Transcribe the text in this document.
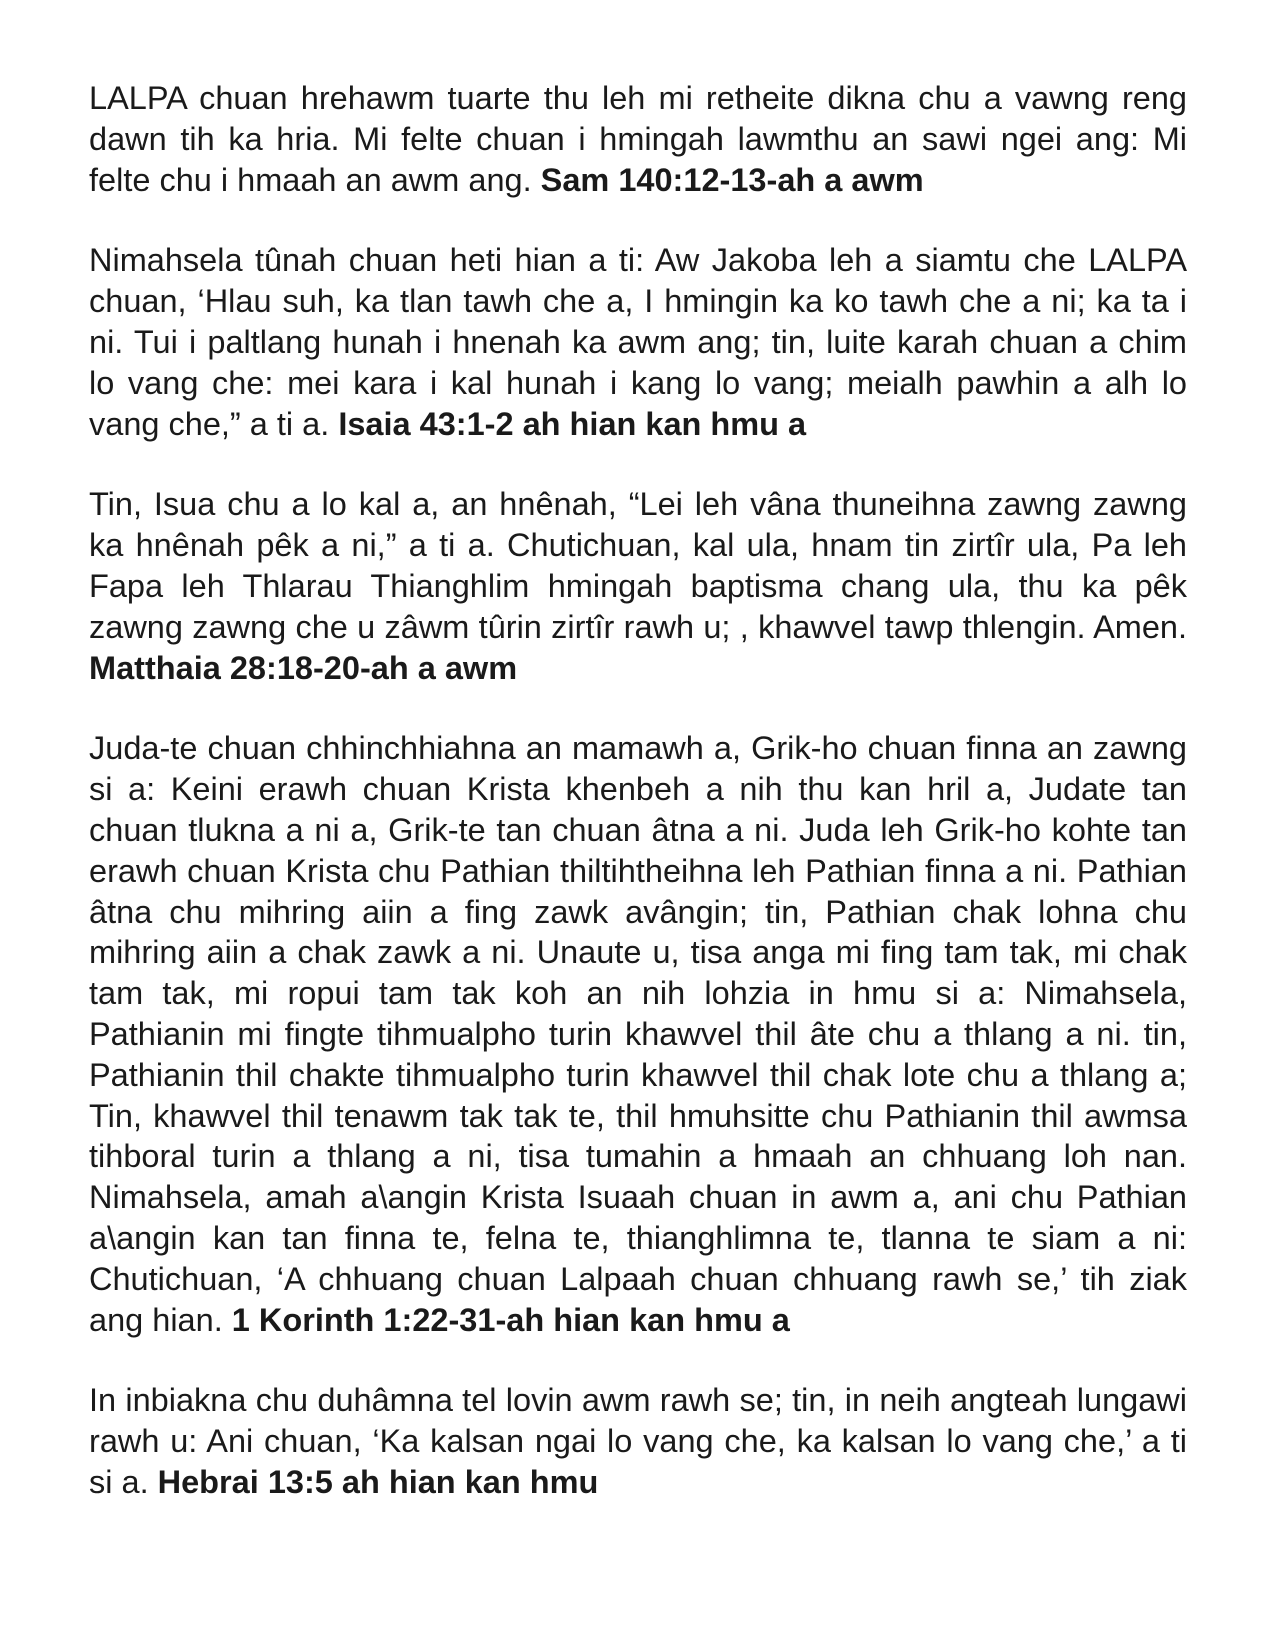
LALPA chuan hrehawm tuarte thu leh mi retheite dikna chu a vawng reng dawn tih ka hria. Mi felte chuan i hmingah lawmthu an sawi ngei ang: Mi felte chu i hmaah an awm ang. Sam 140:12-13-ah a awm

Nimahsela tûnah chuan heti hian a ti: Aw Jakoba leh a siamtu che LALPA chuan, ‘Hlau suh, ka tlan tawh che a, I hmingin ka ko tawh che a ni; ka ta i ni. Tui i paltlang hunah i hnenah ka awm ang; tin, luite karah chuan a chim lo vang che: mei kara i kal hunah i kang lo vang; meialh pawhin a alh lo vang che,” a ti a. Isaia 43:1-2 ah hian kan hmu a

Tin, Isua chu a lo kal a, an hnênah, “Lei leh vâna thuneihna zawng zawng ka hnênah pêk a ni,” a ti a. Chutichuan, kal ula, hnam tin zirtîr ula, Pa leh Fapa leh Thlarau Thianghlim hmingah baptisma chang ula, thu ka pêk zawng zawng che u zâwm tûrin zirtîr rawh u; , khawvel tawp thlengin. Amen. Matthaia 28:18-20-ah a awm

Juda-te chuan chhinchhiahna an mamawh a, Grik-ho chuan finna an zawng si a: Keini erawh chuan Krista khenbeh a nih thu kan hril a, Judate tan chuan tlukna a ni a, Grik-te tan chuan âtna a ni. Juda leh Grik-ho kohte tan erawh chuan Krista chu Pathian thiltihtheihna leh Pathian finna a ni. Pathian âtna chu mihring aiin a fing zawk avângin; tin, Pathian chak lohna chu mihring aiin a chak zawk a ni. Unaute u, tisa anga mi fing tam tak, mi chak tam tak, mi ropui tam tak koh an nih lohzia in hmu si a: Nimahsela, Pathianin mi fingte tihmualpho turin khawvel thil âte chu a thlang a ni. tin, Pathianin thil chakte tihmualpho turin khawvel thil chak lote chu a thlang a; Tin, khawvel thil tenawm tak tak te, thil hmuhsitte chu Pathianin thil awmsa tihboral turin a thlang a ni, tisa tumahin a hmaah an chhuang loh nan. Nimahsela, amah a\angin Krista Isuaah chuan in awm a, ani chu Pathian a\angin kan tan finna te, felna te, thianghlimna te, tlanna te siam a ni: Chutichuan, ‘A chhuang chuan Lalpaah chuan chhuang rawh se,’ tih ziak ang hian. 1 Korinth 1:22-31-ah hian kan hmu a

In inbiakna chu duhâmna tel lovin awm rawh se; tin, in neih angteah lungawi rawh u: Ani chuan, ‘Ka kalsan ngai lo vang che, ka kalsan lo vang che,’ a ti si a. Hebrai 13:5 ah hian kan hmu
